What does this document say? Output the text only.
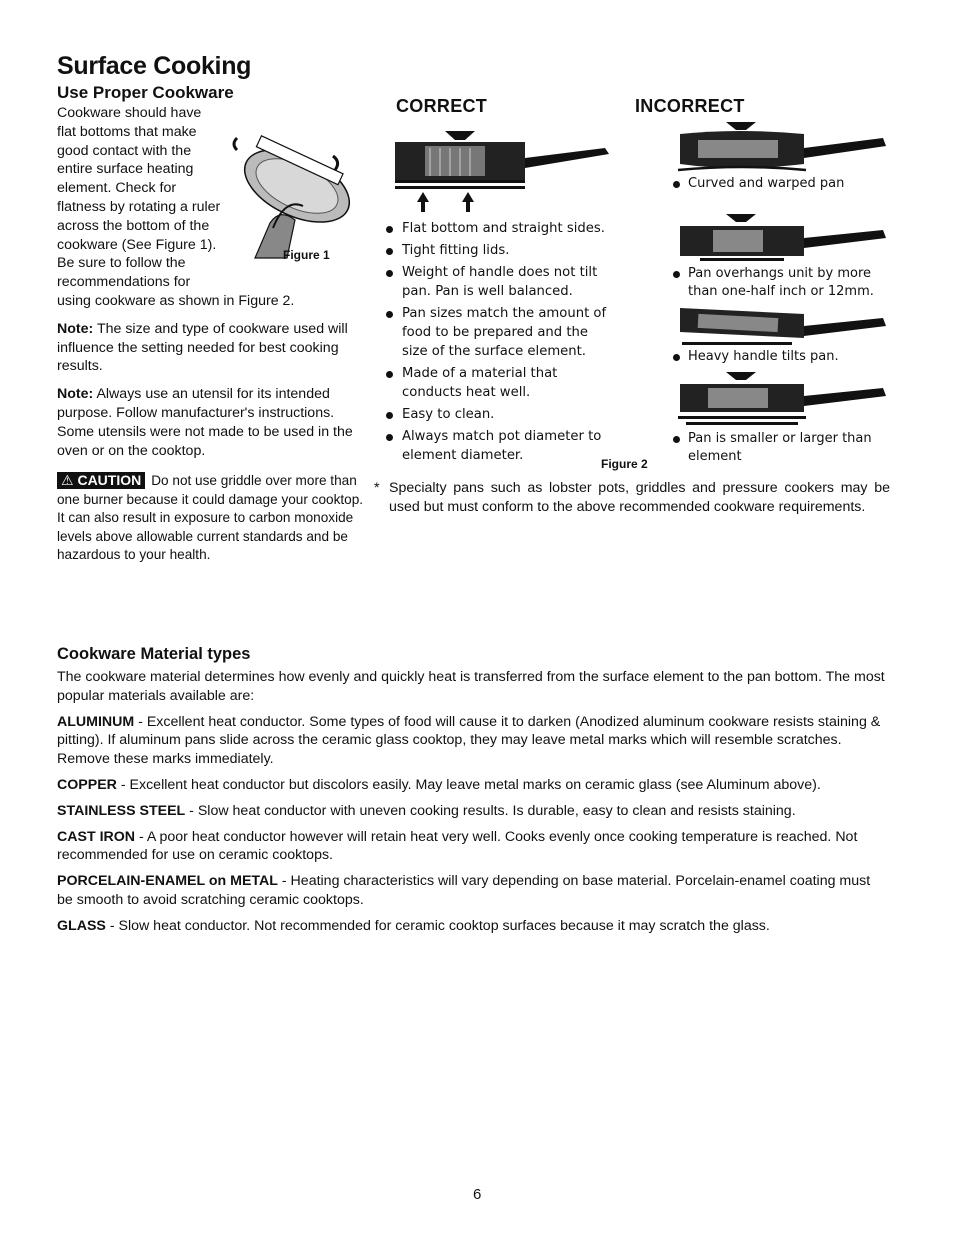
Surface Cooking
Use Proper Cookware

Cookware should have flat bottoms that make good contact with the entire surface heating element. Check for flatness by rotating a ruler across the bottom of the cookware (See Figure 1). Be sure to follow the recommendations for using cookware as shown in Figure 2.

Note: The size and type of cookware used will influence the setting needed for best cooking results.

Note: Always use an utensil for its intended purpose. Follow manufacturer's instructions. Some utensils were not made to be used in the oven or on the cooktop.

⚠ CAUTION Do not use griddle over more than one burner because it could damage your cooktop. It can also result in exposure to carbon monoxide levels above allowable current standards and be hazardous to your health.

Figure 1
CORRECT
Flat bottom and straight sides.
Tight fitting lids.
Weight of handle does not tilt pan. Pan is well balanced.
Pan sizes match the amount of food to be prepared and the size of the surface element.
Made of a material that conducts heat well.
Easy to clean.
Always match pot diameter to element diameter.
Figure 2
INCORRECT
Curved and warped pan
Pan overhangs unit by more than one-half inch or 12mm.
Heavy handle tilts pan.
Pan is smaller or larger than element
* Specialty pans such as lobster pots, griddles and pressure cookers may be used but must conform to the above recommended cookware requirements.
Cookware Material types

The cookware material determines how evenly and quickly heat is transferred from the surface element to the pan bottom. The most popular materials available are:

ALUMINUM - Excellent heat conductor. Some types of food will cause it to darken (Anodized aluminum cookware resists staining & pitting). If aluminum pans slide across the ceramic glass cooktop, they may leave metal marks which will resemble scratches. Remove these marks immediately.

COPPER - Excellent heat conductor but discolors easily. May leave metal marks on ceramic glass (see Aluminum above).

STAINLESS STEEL - Slow heat conductor with uneven cooking results. Is durable, easy to clean and resists staining.

CAST IRON - A poor heat conductor however will retain heat very well. Cooks evenly once cooking temperature is reached. Not recommended for use on ceramic cooktops.

PORCELAIN-ENAMEL on METAL - Heating characteristics will vary depending on base material. Porcelain-enamel coating must be smooth to avoid scratching ceramic cooktops.

GLASS - Slow heat conductor. Not recommended for ceramic cooktop surfaces because it may scratch the glass.

6
